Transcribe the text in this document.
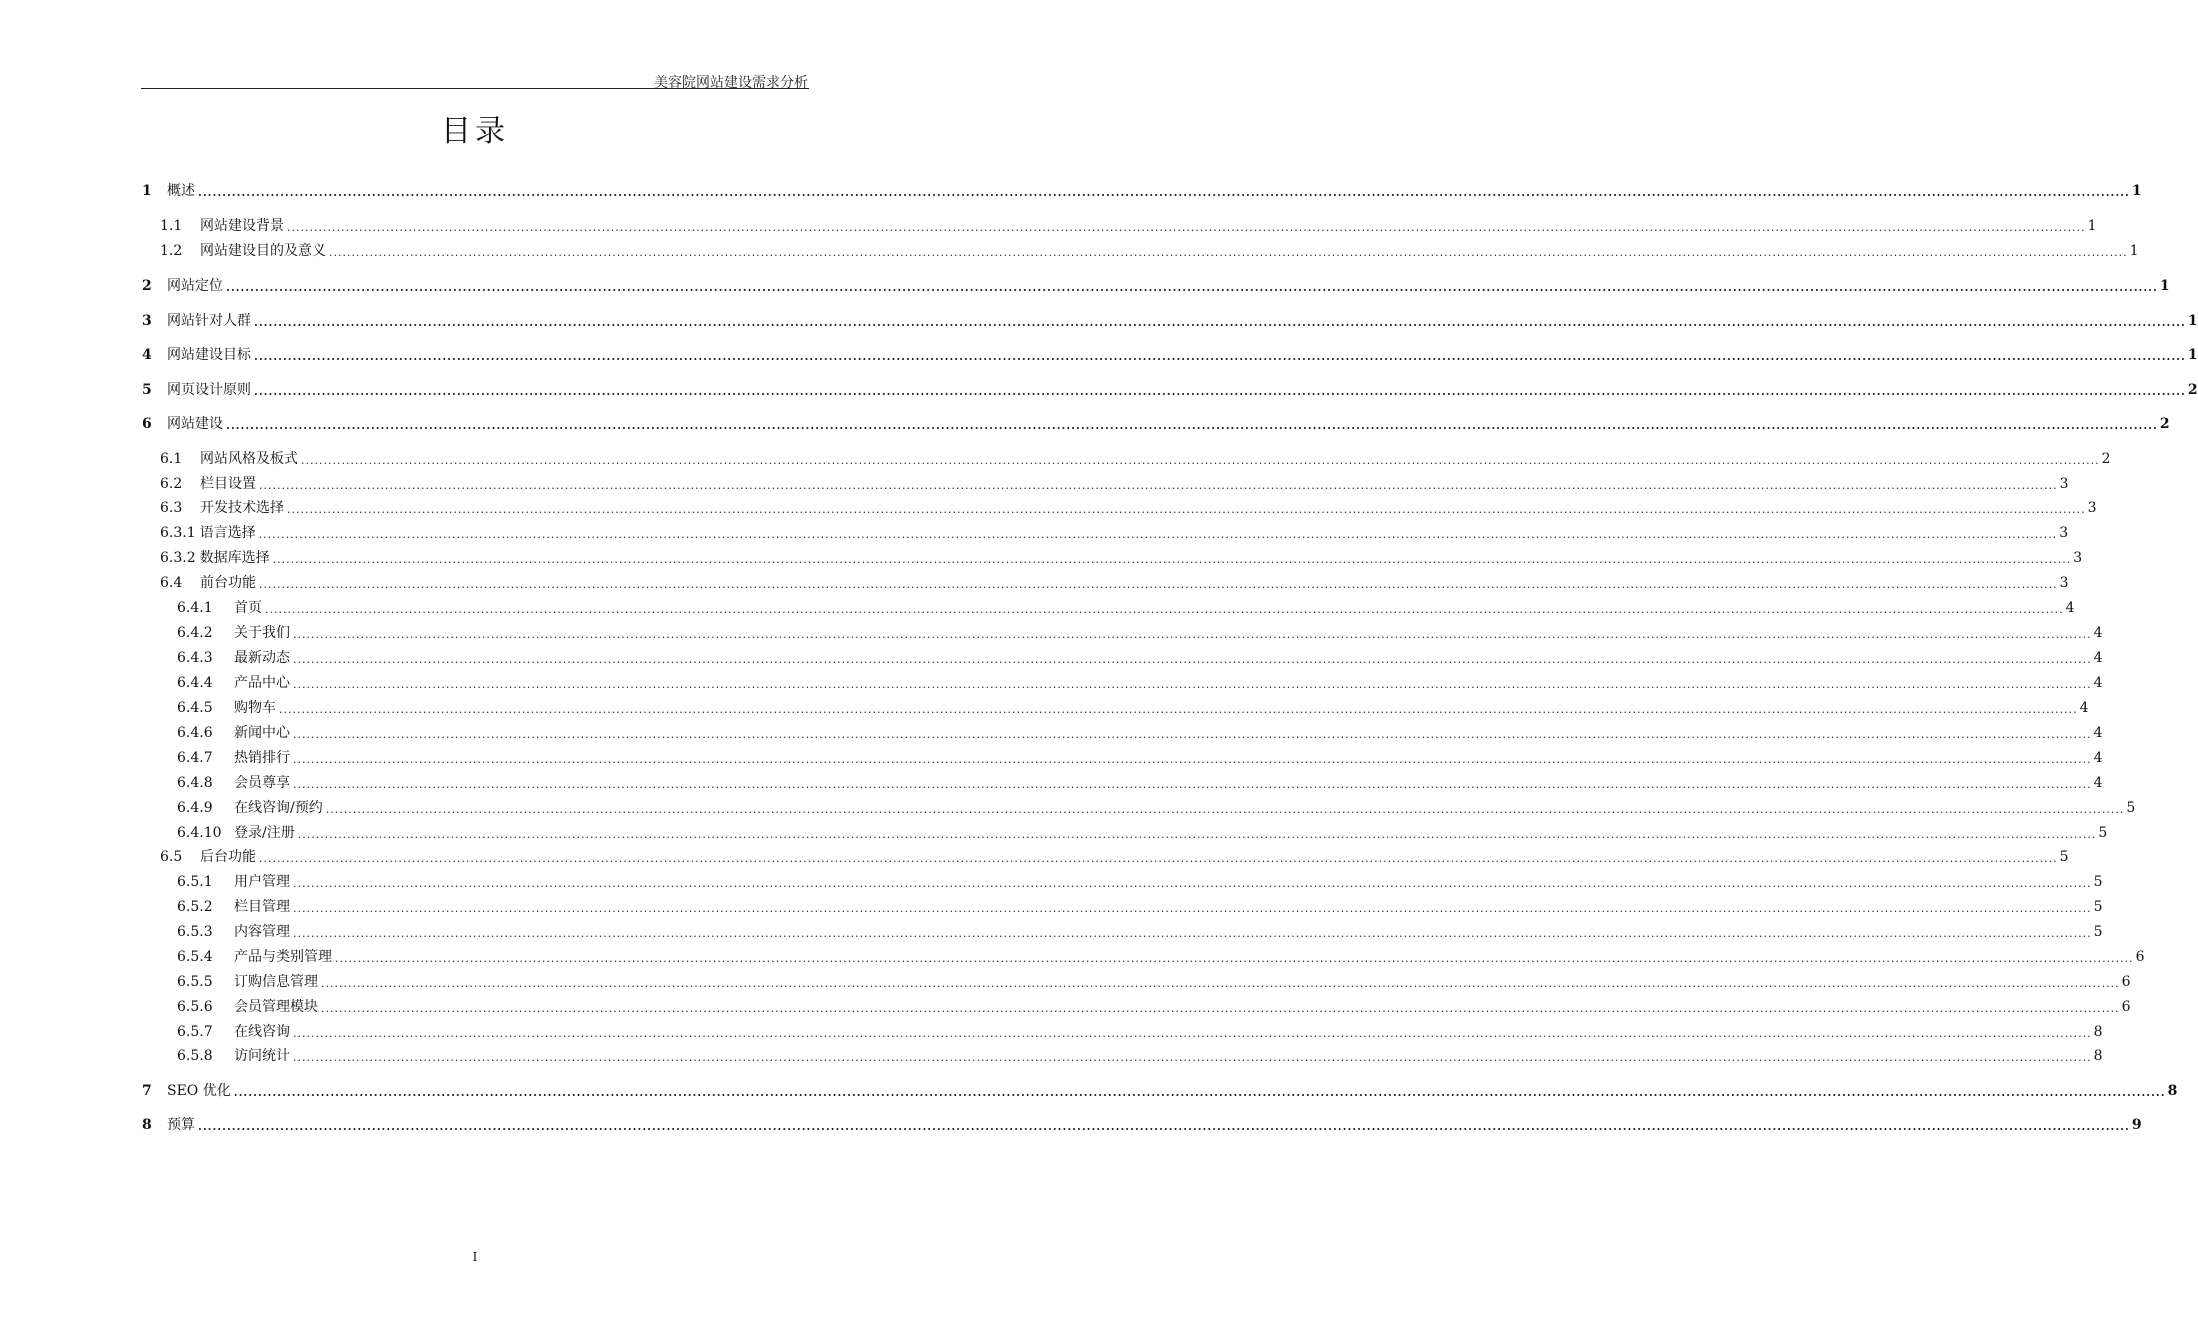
美容院网站建设需求分析
目录
1	概述 ................................................................................................................................................................................................................................................................................................................................................................................................................ 1
1.1	网站建设背景 ................................................................................................................................................................................................................................................................................................................................................................................................................ 1
1.2	网站建设目的及意义 ................................................................................................................................................................................................................................................................................................................................................................................................................ 1
2	网站定位 ................................................................................................................................................................................................................................................................................................................................................................................................................ 1
3	网站针对人群 ................................................................................................................................................................................................................................................................................................................................................................................................................ 1
4	网站建设目标 ................................................................................................................................................................................................................................................................................................................................................................................................................ 1
5	网页设计原则 ................................................................................................................................................................................................................................................................................................................................................................................................................ 2
6	网站建设 ................................................................................................................................................................................................................................................................................................................................................................................................................ 2
6.1	网站风格及板式 ................................................................................................................................................................................................................................................................................................................................................................................................................ 2
6.2	栏目设置 ................................................................................................................................................................................................................................................................................................................................................................................................................ 3
6.3	开发技术选择 ................................................................................................................................................................................................................................................................................................................................................................................................................ 3
6.3.1 语言选择 ................................................................................................................................................................................................................................................................................................................................................................................................................ 3
6.3.2 数据库选择 ................................................................................................................................................................................................................................................................................................................................................................................................................ 3
6.4	前台功能 ................................................................................................................................................................................................................................................................................................................................................................................................................ 3
6.4.1	首页 ................................................................................................................................................................................................................................................................................................................................................................................................................ 4
6.4.2	关于我们 ................................................................................................................................................................................................................................................................................................................................................................................................................ 4
6.4.3	最新动态 ................................................................................................................................................................................................................................................................................................................................................................................................................ 4
6.4.4	产品中心 ................................................................................................................................................................................................................................................................................................................................................................................................................ 4
6.4.5	购物车 ................................................................................................................................................................................................................................................................................................................................................................................................................ 4
6.4.6	新闻中心 ................................................................................................................................................................................................................................................................................................................................................................................................................ 4
6.4.7	热销排行 ................................................................................................................................................................................................................................................................................................................................................................................................................ 4
6.4.8	会员尊享 ................................................................................................................................................................................................................................................................................................................................................................................................................ 4
6.4.9	在线咨询/预约 ................................................................................................................................................................................................................................................................................................................................................................................................................ 5
6.4.10 登录/注册 ................................................................................................................................................................................................................................................................................................................................................................................................................ 5
6.5	后台功能 ................................................................................................................................................................................................................................................................................................................................................................................................................ 5
6.5.1	用户管理 ................................................................................................................................................................................................................................................................................................................................................................................................................ 5
6.5.2	栏目管理 ................................................................................................................................................................................................................................................................................................................................................................................................................ 5
6.5.3	内容管理 ................................................................................................................................................................................................................................................................................................................................................................................................................ 5
6.5.4	产品与类别管理 ................................................................................................................................................................................................................................................................................................................................................................................................................ 6
6.5.5	订购信息管理 ................................................................................................................................................................................................................................................................................................................................................................................................................ 6
6.5.6	会员管理模块 ................................................................................................................................................................................................................................................................................................................................................................................................................ 6
6.5.7	在线咨询 ................................................................................................................................................................................................................................................................................................................................................................................................................ 8
6.5.8	访问统计 ................................................................................................................................................................................................................................................................................................................................................................................................................ 8
7	SEO 优化 ................................................................................................................................................................................................................................................................................................................................................................................................................ 8
8	预算 ................................................................................................................................................................................................................................................................................................................................................................................................................ 9
I
